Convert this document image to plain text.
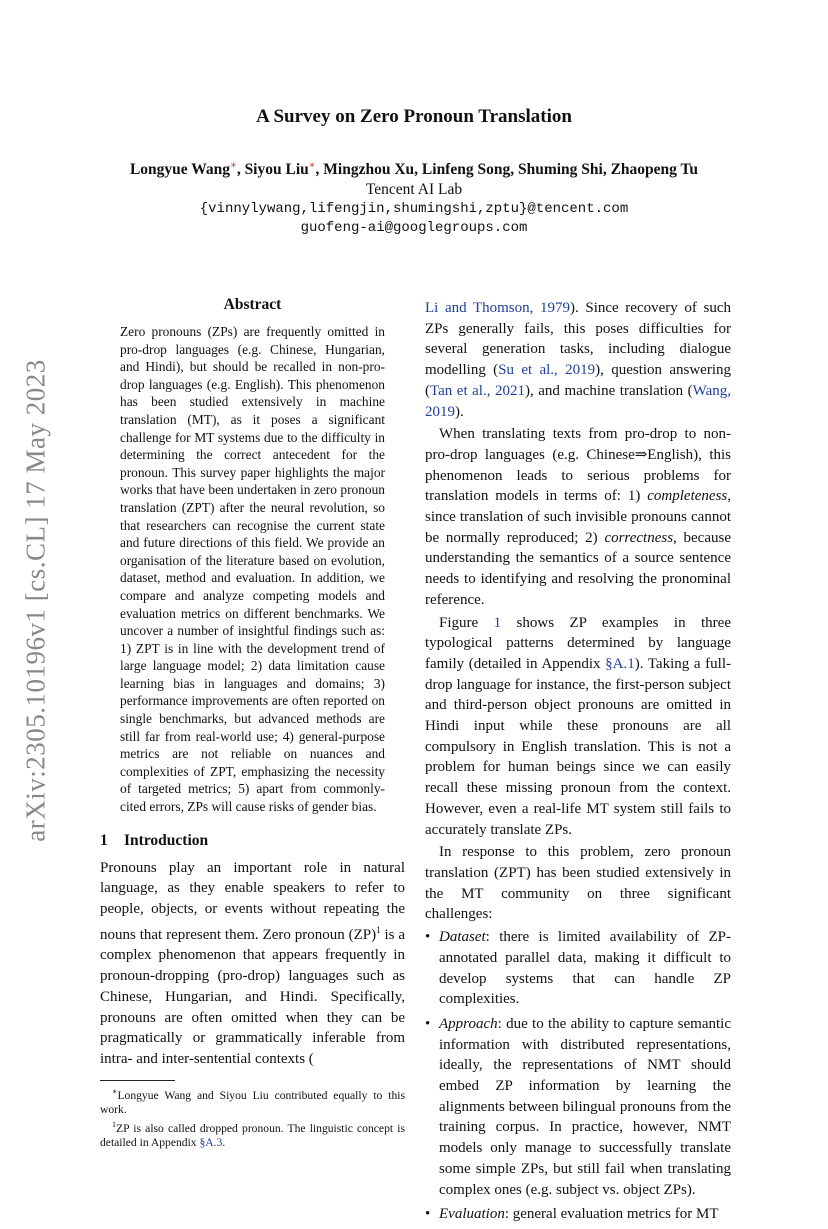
arXiv:2305.10196v1 [cs.CL] 17 May 2023
A Survey on Zero Pronoun Translation
Longyue Wang∗, Siyou Liu∗, Mingzhou Xu, Linfeng Song, Shuming Shi, Zhaopeng Tu
Tencent AI Lab
{vinnylywang,lifengjin,shumingshi,zptu}@tencent.com
guofeng-ai@googlegroups.com
Abstract

Zero pronouns (ZPs) are frequently omitted in pro-drop languages (e.g. Chinese, Hungarian, and Hindi), but should be recalled in non-pro-drop languages (e.g. English). This phenomenon has been studied extensively in machine translation (MT), as it poses a significant challenge for MT systems due to the difficulty in determining the correct antecedent for the pronoun. This survey paper highlights the major works that have been undertaken in zero pronoun translation (ZPT) after the neural revolution, so that researchers can recognise the current state and future directions of this field. We provide an organisation of the literature based on evolution, dataset, method and evaluation. In addition, we compare and analyze competing models and evaluation metrics on different benchmarks. We uncover a number of insightful findings such as: 1) ZPT is in line with the development trend of large language model; 2) data limitation cause learning bias in languages and domains; 3) performance improvements are often reported on single benchmarks, but advanced methods are still far from real-world use; 4) general-purpose metrics are not reliable on nuances and complexities of ZPT, emphasizing the necessity of targeted metrics; 5) apart from commonly-cited errors, ZPs will cause risks of gender bias.

1 Introduction

Pronouns play an important role in natural language, as they enable speakers to refer to people, objects, or events without repeating the nouns that represent them. Zero pronoun (ZP)$^1$ is a complex phenomenon that appears frequently in pronoun-dropping (pro-drop) languages such as Chinese, Hungarian, and Hindi. Specifically, pronouns are often omitted when they can be pragmatically or grammatically inferable from intra- and inter-sentential contexts (

∗Longyue Wang and Siyou Liu contributed equally to this work.

$^1$ZP is also called dropped pronoun. The linguistic concept is detailed in Appendix §A.3.

Li and Thomson, 1979). Since recovery of such ZPs generally fails, this poses difficulties for several generation tasks, including dialogue modelling (Su et al., 2019), question answering (Tan et al., 2021), and machine translation (Wang, 2019).

When translating texts from pro-drop to non-pro-drop languages (e.g. Chinese⇒English), this phenomenon leads to serious problems for translation models in terms of: 1) completeness, since translation of such invisible pronouns cannot be normally reproduced; 2) correctness, because understanding the semantics of a source sentence needs to identifying and resolving the pronominal reference.

Figure 1 shows ZP examples in three typological patterns determined by language family (detailed in Appendix §A.1). Taking a full-drop language for instance, the first-person subject and third-person object pronouns are omitted in Hindi input while these pronouns are all compulsory in English translation. This is not a problem for human beings since we can easily recall these missing pronoun from the context. However, even a real-life MT system still fails to accurately translate ZPs.

In response to this problem, zero pronoun translation (ZPT) has been studied extensively in the MT community on three significant challenges:

• Dataset: there is limited availability of ZP-annotated parallel data, making it difficult to develop systems that can handle ZP complexities.
• Approach: due to the ability to capture semantic information with distributed representations, ideally, the representations of NMT should embed ZP information by learning the alignments between bilingual pronouns from the training corpus. In practice, however, NMT models only manage to successfully translate some simple ZPs, but still fail when translating complex ones (e.g. subject vs. object ZPs).
• Evaluation: general evaluation metrics for MT
